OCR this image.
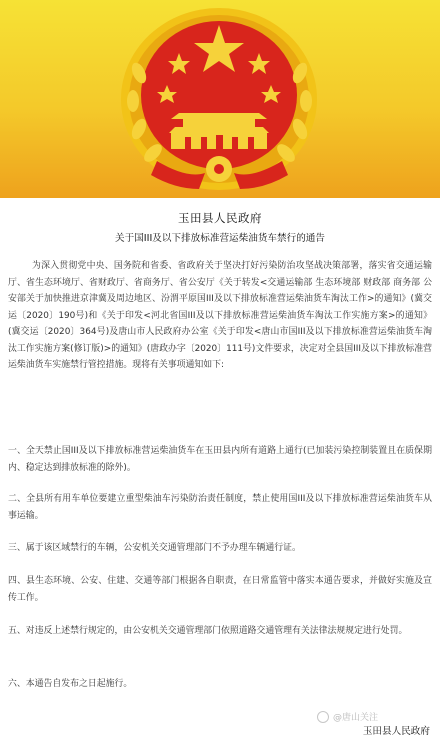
玉田县人民政府
关于国III及以下排放标准营运柴油货车禁行的通告

为深入贯彻党中央、国务院和省委、省政府关于坚决打好污染防治攻坚战决策部署，落实省交通运输厅、省生态环境厅、省财政厅、省商务厅、省公安厅《关于转发<交通运输部 生态环境部 财政部 商务部 公安部关于加快推进京津冀及周边地区、汾渭平原国III及以下排放标准营运柴油货车淘汰工作>的通知》(冀交运〔2020〕190号)和《关于印发<河北省国III及以下排放标准营运柴油货车淘汰工作实施方案>的通知》(冀交运〔2020〕364号)及唐山市人民政府办公室《关于印发<唐山市国III及以下排放标准营运柴油货车淘汰工作实施方案(修订版)>的通知》(唐政办字〔2020〕111号)文件要求，决定对全县国III及以下排放标准营运柴油货车实施禁行管控措施。现将有关事项通知如下:

一、全天禁止国III及以下排放标准营运柴油货车在玉田县内所有道路上通行(已加装污染控制装置且在质保期内、稳定达到排放标准的除外)。

二、全县所有用车单位要建立重型柴油车污染防治责任制度，禁止使用国III及以下排放标准营运柴油货车从事运输。

三、属于该区域禁行的车辆，公安机关交通管理部门不予办理车辆通行证。

四、县生态环境、公安、住建、交通等部门根据各自职责，在日常监管中落实本通告要求，并做好实施及宣传工作。

五、对违反上述禁行规定的，由公安机关交通管理部门依照道路交通管理有关法律法规规定进行处罚。

六、本通告自发布之日起施行。

@唐山关注
玉田县人民政府
